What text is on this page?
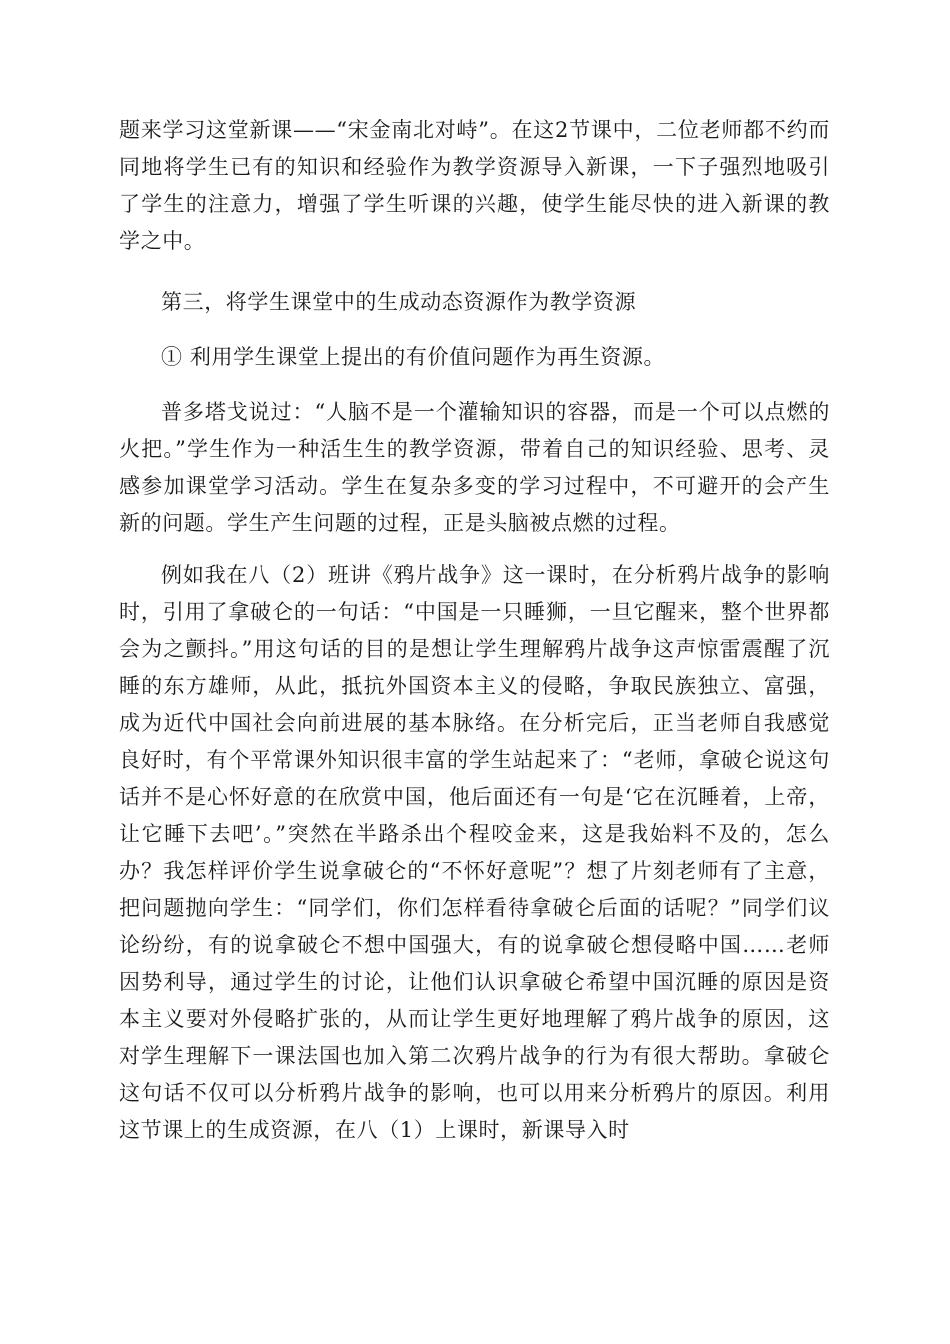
题来学习这堂新课——“宋金南北对峙”。在这2节课中，二位老师都不约而同地将学生已有的知识和经验作为教学资源导入新课，一下子强烈地吸引了学生的注意力，增强了学生听课的兴趣，使学生能尽快的进入新课的教学之中。

第三，将学生课堂中的生成动态资源作为教学资源

① 利用学生课堂上提出的有价值问题作为再生资源。

普多塔戈说过：“人脑不是一个灌输知识的容器，而是一个可以点燃的火把。”学生作为一种活生生的教学资源，带着自己的知识经验、思考、灵感参加课堂学习活动。学生在复杂多变的学习过程中，不可避开的会产生新的问题。学生产生问题的过程，正是头脑被点燃的过程。

例如我在八（2）班讲《鸦片战争》这一课时，在分析鸦片战争的影响时，引用了拿破仑的一句话：“中国是一只睡狮，一旦它醒来，整个世界都会为之颤抖。”用这句话的目的是想让学生理解鸦片战争这声惊雷震醒了沉睡的东方雄师，从此，抵抗外国资本主义的侵略，争取民族独立、富强，成为近代中国社会向前进展的基本脉络。在分析完后，正当老师自我感觉良好时，有个平常课外知识很丰富的学生站起来了：“老师，拿破仑说这句话并不是心怀好意的在欣赏中国，他后面还有一句是‘它在沉睡着，上帝，让它睡下去吧’。”突然在半路杀出个程咬金来，这是我始料不及的，怎么办？我怎样评价学生说拿破仑的“不怀好意呢”？想了片刻老师有了主意，把问题抛向学生：“同学们，你们怎样看待拿破仑后面的话呢？”同学们议论纷纷，有的说拿破仑不想中国强大，有的说拿破仑想侵略中国……老师因势利导，通过学生的讨论，让他们认识拿破仑希望中国沉睡的原因是资本主义要对外侵略扩张的，从而让学生更好地理解了鸦片战争的原因，这对学生理解下一课法国也加入第二次鸦片战争的行为有很大帮助。拿破仑这句话不仅可以分析鸦片战争的影响，也可以用来分析鸦片的原因。利用这节课上的生成资源，在八（1）上课时，新课导入时
